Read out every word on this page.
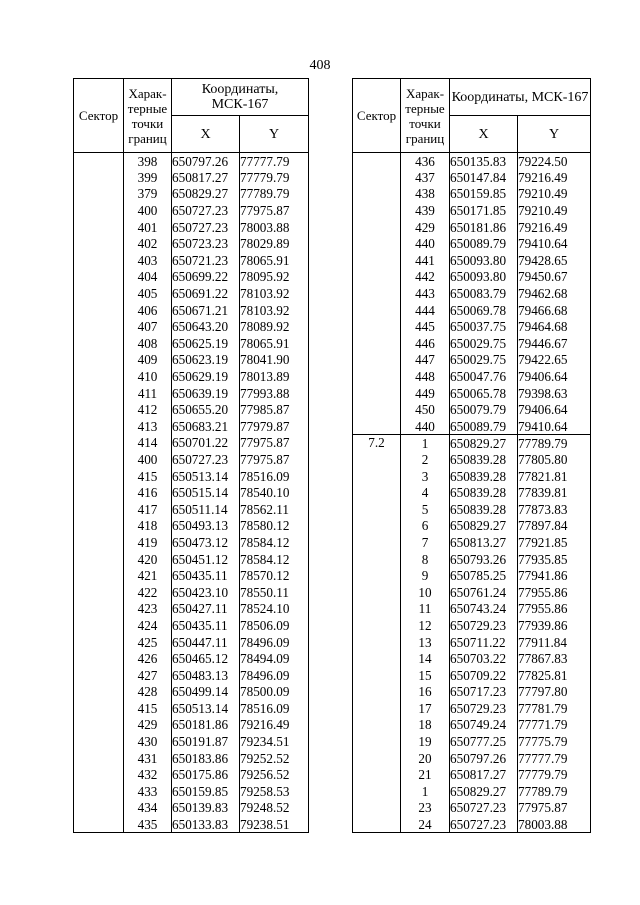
408
Сектор	Харак-терные точки границ	Координаты, МСК-167	
		X	Y
	398	650797.26	77777.79
	399	650817.27	77779.79
	379	650829.27	77789.79
	400	650727.23	77975.87
	401	650727.23	78003.88
	402	650723.23	78029.89
	403	650721.23	78065.91
	404	650699.22	78095.92
	405	650691.22	78103.92
	406	650671.21	78103.92
	407	650643.20	78089.92
	408	650625.19	78065.91
	409	650623.19	78041.90
	410	650629.19	78013.89
	411	650639.19	77993.88
	412	650655.20	77985.87
	413	650683.21	77979.87
	414	650701.22	77975.87
	400	650727.23	77975.87
	415	650513.14	78516.09
	416	650515.14	78540.10
	417	650511.14	78562.11
	418	650493.13	78580.12
	419	650473.12	78584.12
	420	650451.12	78584.12
	421	650435.11	78570.12
	422	650423.10	78550.11
	423	650427.11	78524.10
	424	650435.11	78506.09
	425	650447.11	78496.09
	426	650465.12	78494.09
	427	650483.13	78496.09
	428	650499.14	78500.09
	415	650513.14	78516.09
	429	650181.86	79216.49
	430	650191.87	79234.51
	431	650183.86	79252.52
	432	650175.86	79256.52
	433	650159.85	79258.53
	434	650139.83	79248.52
	435	650133.83	79238.51
Сектор	Харак-терные точки границ	Координаты, МСК-167	
		X	Y
	436	650135.83	79224.50
	437	650147.84	79216.49
	438	650159.85	79210.49
	439	650171.85	79210.49
	429	650181.86	79216.49
	440	650089.79	79410.64
	441	650093.80	79428.65
	442	650093.80	79450.67
	443	650083.79	79462.68
	444	650069.78	79466.68
	445	650037.75	79464.68
	446	650029.75	79446.67
	447	650029.75	79422.65
	448	650047.76	79406.64
	449	650065.78	79398.63
	450	650079.79	79406.64
	440	650089.79	79410.64
7.2	1	650829.27	77789.79
	2	650839.28	77805.80
	3	650839.28	77821.81
	4	650839.28	77839.81
	5	650839.28	77873.83
	6	650829.27	77897.84
	7	650813.27	77921.85
	8	650793.26	77935.85
	9	650785.25	77941.86
	10	650761.24	77955.86
	11	650743.24	77955.86
	12	650729.23	77939.86
	13	650711.22	77911.84
	14	650703.22	77867.83
	15	650709.22	77825.81
	16	650717.23	77797.80
	17	650729.23	77781.79
	18	650749.24	77771.79
	19	650777.25	77775.79
	20	650797.26	77777.79
	21	650817.27	77779.79
	1	650829.27	77789.79
	23	650727.23	77975.87
	24	650727.23	78003.88
